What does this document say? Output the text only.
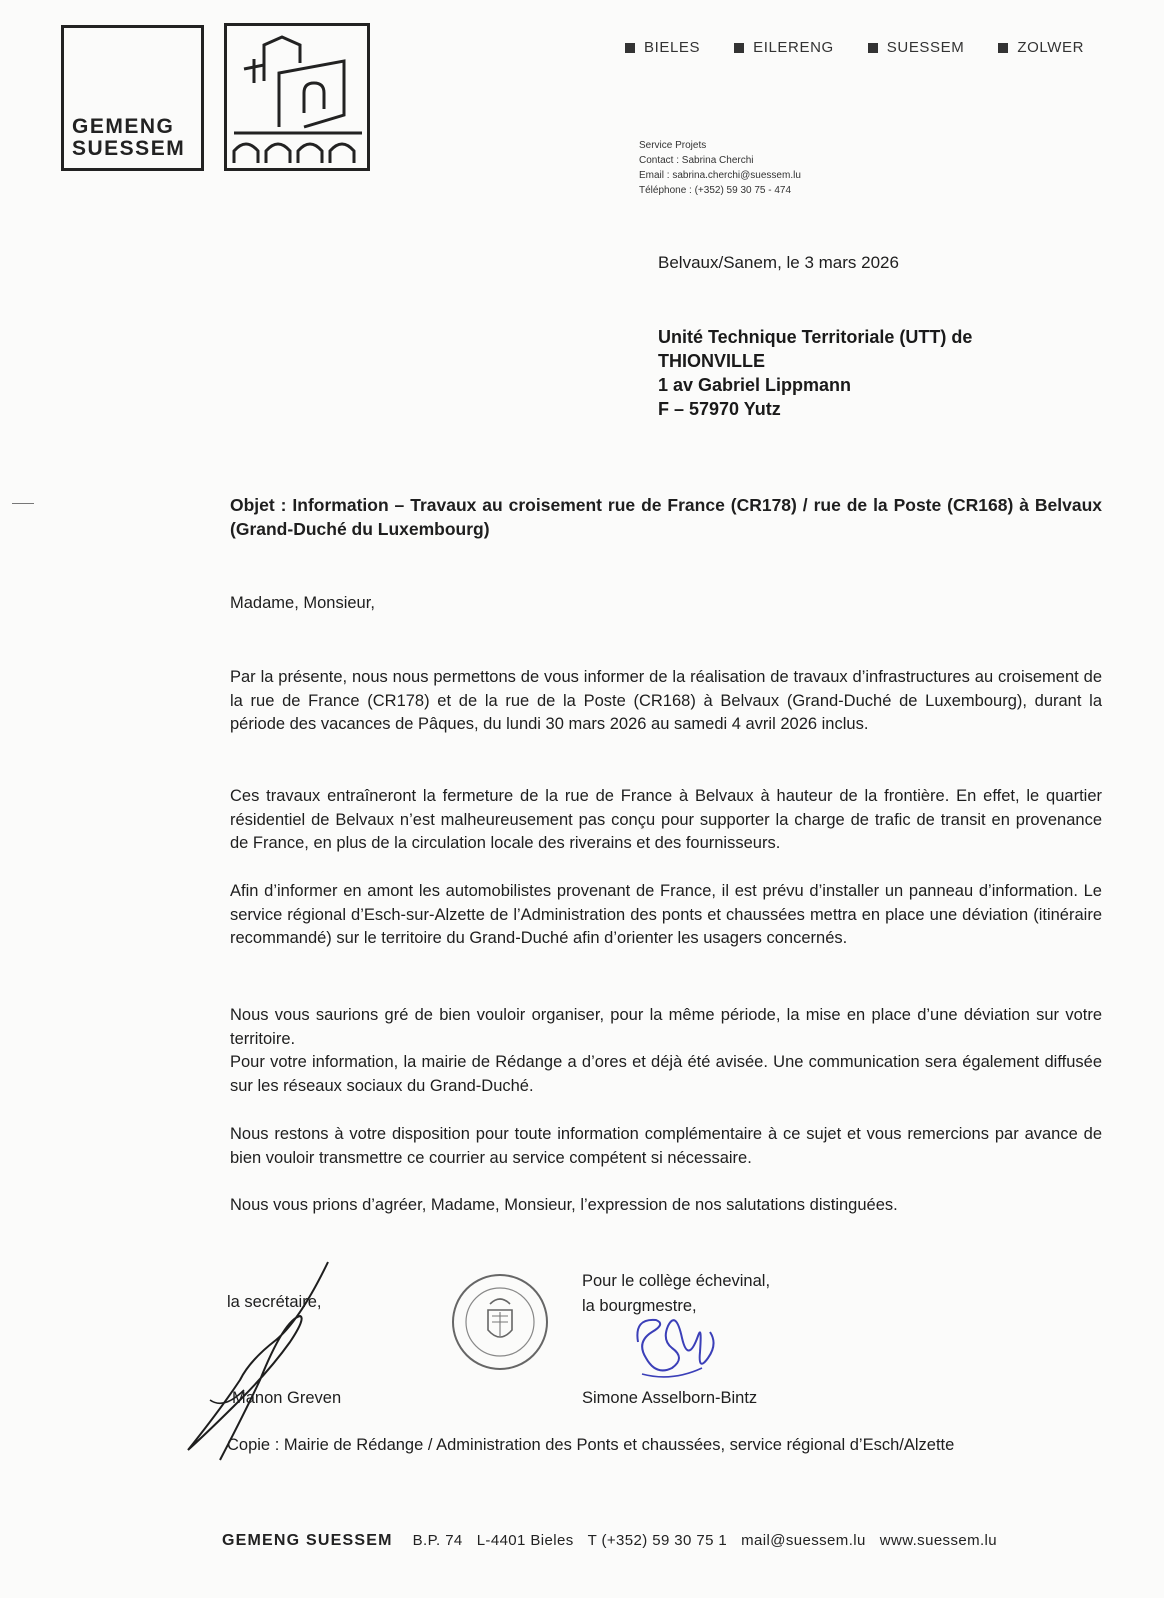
GEMENG
SUESSEM
BIELES	EILERENG	SUESSEM	ZOLWER
Service Projets
Contact : Sabrina Cherchi
Email : sabrina.cherchi@suessem.lu
Téléphone : (+352) 59 30 75 - 474
Belvaux/Sanem, le 3 mars 2026
Unité Technique Territoriale (UTT) de
THIONVILLE
1 av Gabriel Lippmann
F – 57970 Yutz
Objet : Information – Travaux au croisement rue de France (CR178) / rue de la Poste (CR168) à Belvaux (Grand-Duché du Luxembourg)
Madame, Monsieur,
Par la présente, nous nous permettons de vous informer de la réalisation de travaux d’infrastructures au croisement de la rue de France (CR178) et de la rue de la Poste (CR168) à Belvaux (Grand-Duché de Luxembourg), durant la période des vacances de Pâques, du lundi 30 mars 2026 au samedi 4 avril 2026 inclus.
Ces travaux entraîneront la fermeture de la rue de France à Belvaux à hauteur de la frontière. En effet, le quartier résidentiel de Belvaux n’est malheureusement pas conçu pour supporter la charge de trafic de transit en provenance de France, en plus de la circulation locale des riverains et des fournisseurs.
Afin d’informer en amont les automobilistes provenant de France, il est prévu d’installer un panneau d’information. Le service régional d’Esch-sur-Alzette de l’Administration des ponts et chaussées mettra en place une déviation (itinéraire recommandé) sur le territoire du Grand-Duché afin d’orienter les usagers concernés.
Nous vous saurions gré de bien vouloir organiser, pour la même période, la mise en place d’une déviation sur votre territoire.
Pour votre information, la mairie de Rédange a d’ores et déjà été avisée. Une communication sera également diffusée sur les réseaux sociaux du Grand-Duché.
Nous restons à votre disposition pour toute information complémentaire à ce sujet et vous remercions par avance de bien vouloir transmettre ce courrier au service compétent si nécessaire.
Nous vous prions d’agréer, Madame, Monsieur, l’expression de nos salutations distinguées.
la secrétaire,
Manon Greven
Pour le collège échevinal,
la bourgmestre,
Simone Asselborn-Bintz
Copie : Mairie de Rédange / Administration des Ponts et chaussées, service régional d’Esch/Alzette
GEMENG SUESSEM B.P. 74 L-4401 Bieles T (+352) 59 30 75 1 mail@suessem.lu www.suessem.lu
